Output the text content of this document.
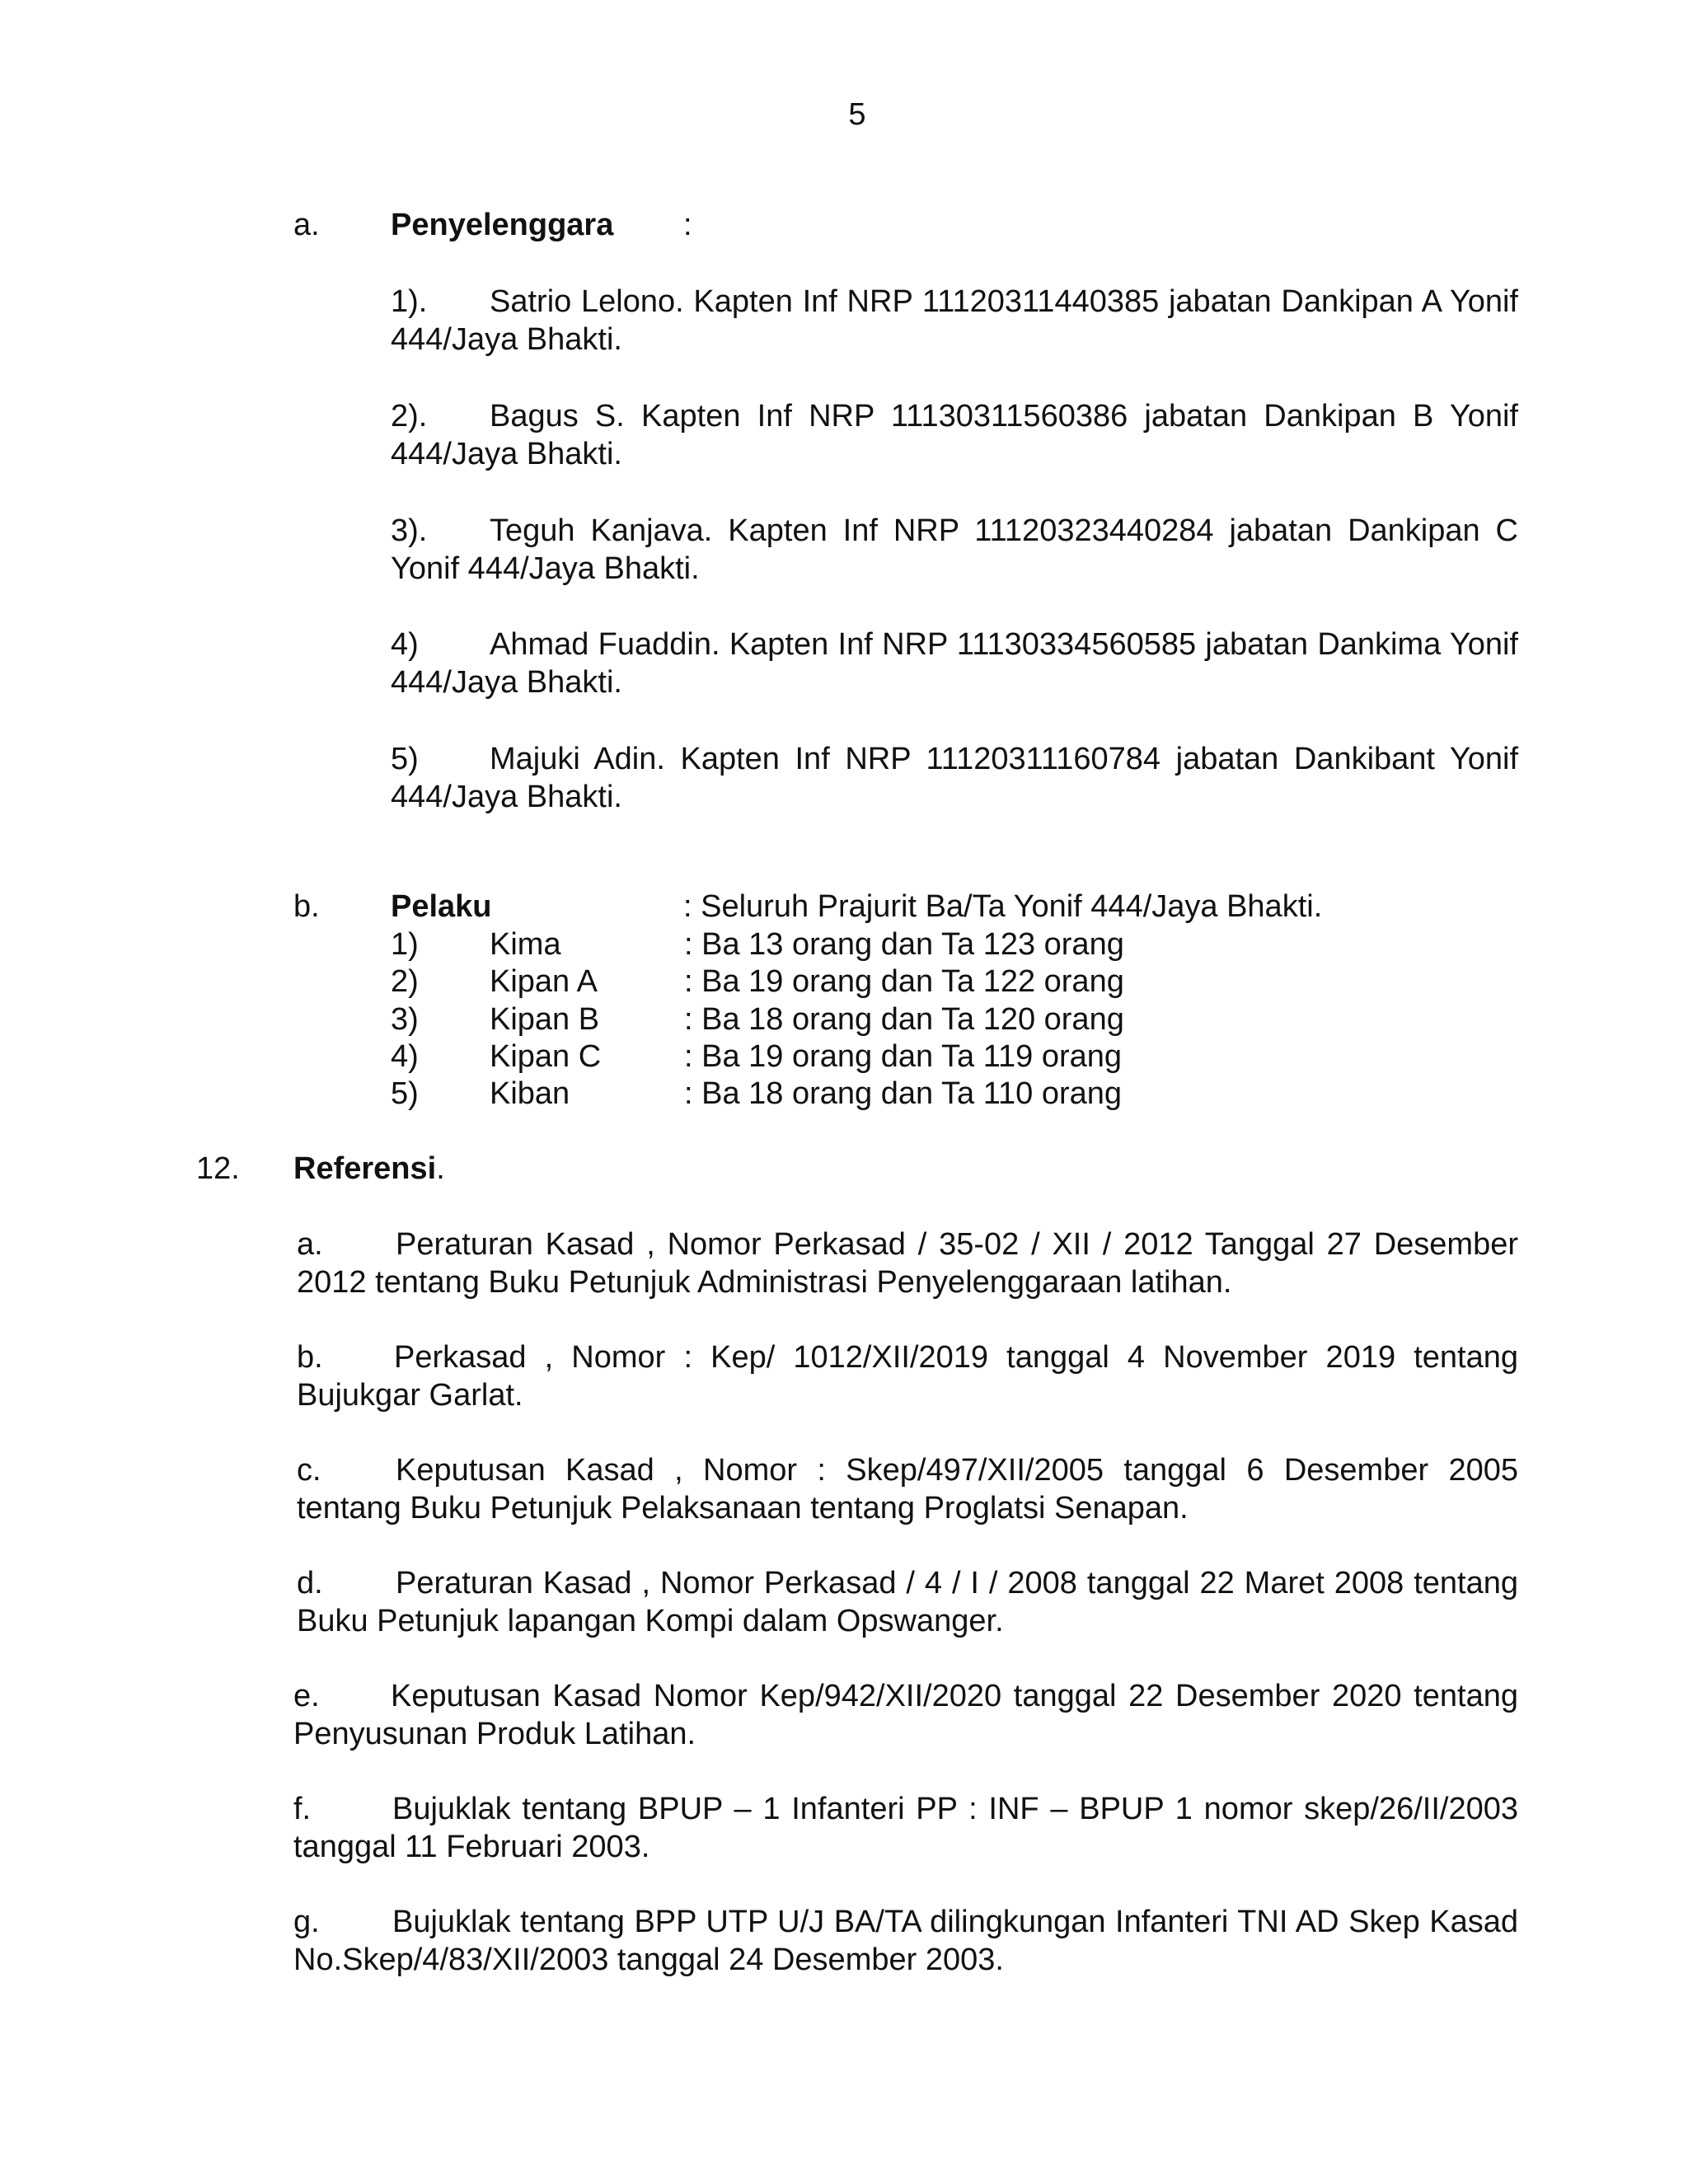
5
a. Penyelenggara :
1). Satrio Lelono. Kapten Inf NRP 11120311440385 jabatan Dankipan A Yonif 444/Jaya Bhakti.
2). Bagus S. Kapten Inf NRP 11130311560386 jabatan Dankipan B Yonif 444/Jaya Bhakti.
3). Teguh Kanjava. Kapten Inf NRP 11120323440284 jabatan Dankipan C Yonif 444/Jaya Bhakti.
4) Ahmad Fuaddin. Kapten Inf NRP 11130334560585 jabatan Dankima Yonif 444/Jaya Bhakti.
5) Majuki Adin. Kapten Inf NRP 11120311160784 jabatan Dankibant Yonif 444/Jaya Bhakti.
b. Pelaku	: Seluruh Prajurit Ba/Ta Yonif 444/Jaya Bhakti.
1) Kima	: Ba 13 orang dan Ta 123 orang
2) Kipan A	: Ba 19 orang dan Ta 122 orang
3) Kipan B	: Ba 18 orang dan Ta 120 orang
4) Kipan C	: Ba 19 orang dan Ta 119 orang
5) Kiban	: Ba 18 orang dan Ta 110 orang
12. Referensi.
a. Peraturan Kasad , Nomor Perkasad / 35-02 / XII / 2012 Tanggal 27 Desember 2012 tentang Buku Petunjuk Administrasi Penyelenggaraan latihan.
b. Perkasad , Nomor : Kep/ 1012/XII/2019 tanggal 4 November 2019 tentang Bujukgar Garlat.
c. Keputusan Kasad , Nomor : Skep/497/XII/2005 tanggal 6 Desember 2005 tentang Buku Petunjuk Pelaksanaan tentang Proglatsi Senapan.
d. Peraturan Kasad , Nomor Perkasad / 4 / I / 2008 tanggal 22 Maret 2008 tentang Buku Petunjuk lapangan Kompi dalam Opswanger.
e. Keputusan Kasad Nomor Kep/942/XII/2020 tanggal 22 Desember 2020 tentang Penyusunan Produk Latihan.
f.	Bujuklak tentang BPUP – 1 Infanteri PP : INF – BPUP 1 nomor skep/26/II/2003 tanggal 11 Februari 2003.
g. Bujuklak tentang BPP UTP U/J BA/TA dilingkungan Infanteri TNI AD Skep Kasad No.Skep/4/83/XII/2003 tanggal 24 Desember 2003.
